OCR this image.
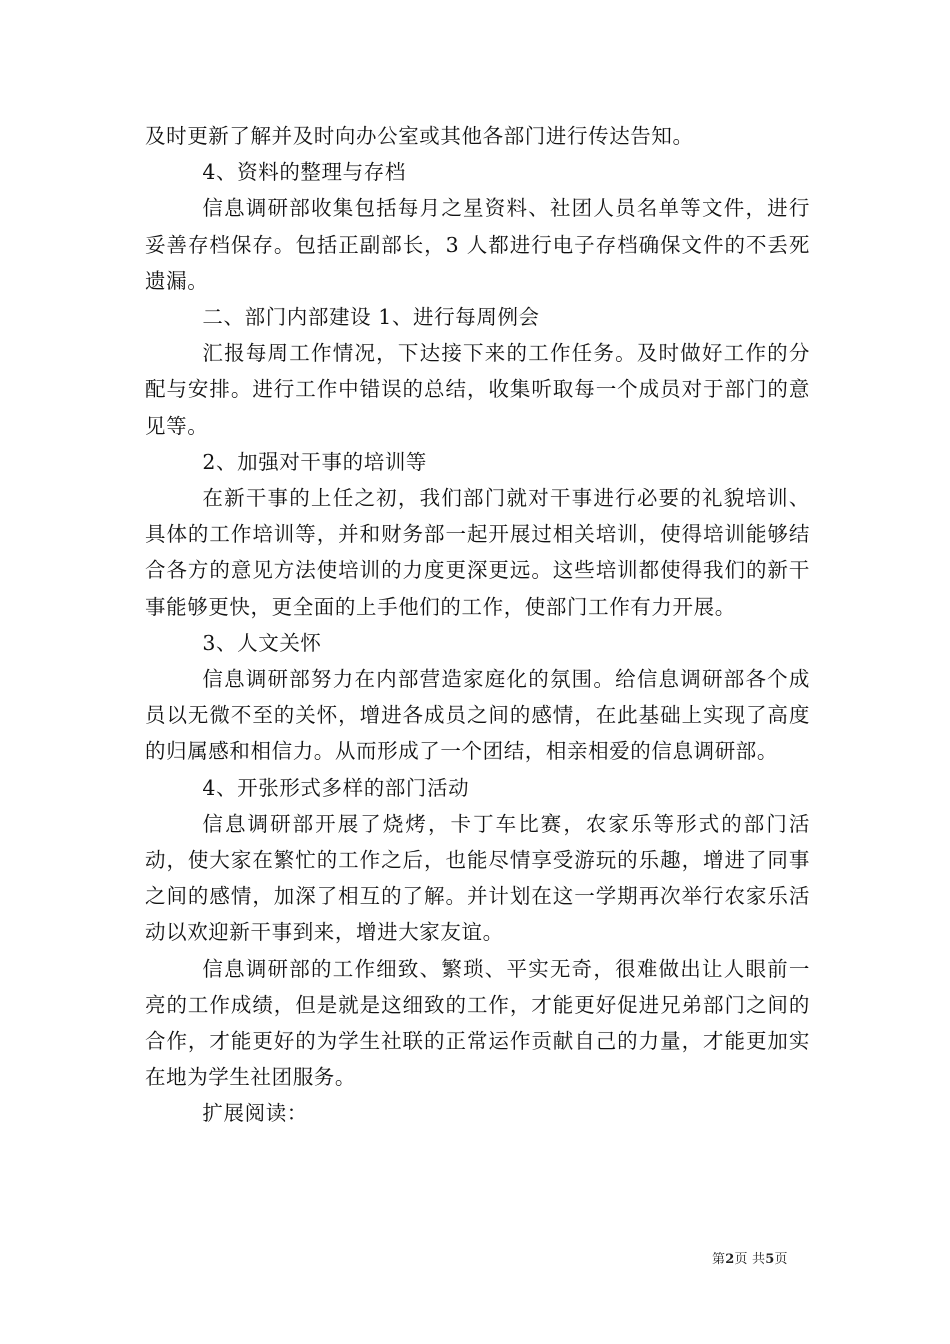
及时更新了解并及时向办公室或其他各部门进行传达告知。

4、资料的整理与存档

信息调研部收集包括每月之星资料、社团人员名单等文件，进行妥善存档保存。包括正副部长，3 人都进行电子存档确保文件的不丢死遗漏。

二、部门内部建设 1、进行每周例会

汇报每周工作情况，下达接下来的工作任务。及时做好工作的分配与安排。进行工作中错误的总结，收集听取每一个成员对于部门的意见等。

2、加强对干事的培训等

在新干事的上任之初，我们部门就对干事进行必要的礼貌培训、具体的工作培训等，并和财务部一起开展过相关培训，使得培训能够结合各方的意见方法使培训的力度更深更远。这些培训都使得我们的新干事能够更快，更全面的上手他们的工作，使部门工作有力开展。

3、人文关怀

信息调研部努力在内部营造家庭化的氛围。给信息调研部各个成员以无微不至的关怀，增进各成员之间的感情，在此基础上实现了高度的归属感和相信力。从而形成了一个团结，相亲相爱的信息调研部。

4、开张形式多样的部门活动

信息调研部开展了烧烤，卡丁车比赛，农家乐等形式的部门活动，使大家在繁忙的工作之后，也能尽情享受游玩的乐趣，增进了同事之间的感情，加深了相互的了解。并计划在这一学期再次举行农家乐活动以欢迎新干事到来，增进大家友谊。

信息调研部的工作细致、繁琐、平实无奇，很难做出让人眼前一亮的工作成绩，但是就是这细致的工作，才能更好促进兄弟部门之间的合作，才能更好的为学生社联的正常运作贡献自己的力量，才能更加实在地为学生社团服务。

扩展阅读：

第2页 共5页
